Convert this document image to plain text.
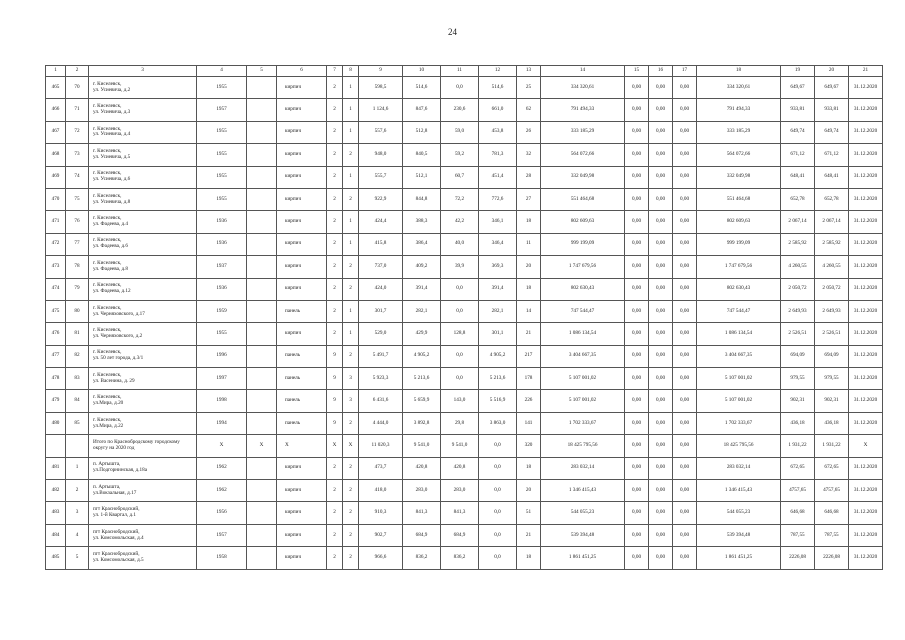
24
1	2	3	4	5	6	7	8	9	10	11	12	13	14	15	16	17	18	19	20	21
465	70	г. Киселевск,
ул. Усиевича, д.2	1955		кирпич	2	1	598,5	514,6	0,0	514,6	25	334 320,61	0,00	0,00	0,00	334 320,61	649,67	649,67	31.12.2020
466	71	г. Киселевск,
ул. Усиевича, д.3	1957		кирпич	2	1	1 124,6	847,6	230,6	661,0	62	791 494,33	0,00	0,00	0,00	791 494,33	933,81	933,81	31.12.2020
467	72	г. Киселевск,
ул. Усиевича, д.4	1955		кирпич	2	1	557,6	512,8	59,0	453,8	26	333 185,29	0,00	0,00	0,00	333 185,29	649,74	649,74	31.12.2020
468	73	г. Киселевск,
ул. Усиевича, д.5	1955		кирпич	2	2	948,0	840,5	59,2	781,3	32	564 072,66	0,00	0,00	0,00	564 072,66	671,12	671,12	31.12.2020
469	74	г. Киселевск,
ул. Усиевича, д.6	1955		кирпич	2	1	555,7	512,1	60,7	451,4	28	332 049,98	0,00	0,00	0,00	332 049,98	648,41	648,41	31.12.2020
470	75	г. Киселевск,
ул. Усиевича, д.8	1955		кирпич	2	2	922,9	844,8	72,2	772,6	27	551 464,68	0,00	0,00	0,00	551 464,68	652,78	652,78	31.12.2020
471	76	г. Киселевск,
ул. Фадеева, д.4	1936		кирпич	2	1	424,4	388,3	42,2	346,1	18	802 609,63	0,00	0,00	0,00	802 609,63	2 067,14	2 067,14	31.12.2020
472	77	г. Киселевск,
ул. Фадеева, д.6	1936		кирпич	2	1	415,8	386,4	40,0	346,4	11	999 199,09	0,00	0,00	0,00	999 199,09	2 585,92	2 585,92	31.12.2020
473	78	г. Киселевск,
ул. Фадеева, д.8	1937		кирпич	2	2	737,0	409,2	39,9	369,3	20	1 747 679,56	0,00	0,00	0,00	1 747 679,56	4 260,55	4 260,55	31.12.2020
474	79	г. Киселевск,
ул. Фадеева, д.12	1936		кирпич	2	2	424,0	391,4	0,0	391,4	18	802 630,43	0,00	0,00	0,00	802 630,43	2 050,72	2 050,72	31.12.2020
475	80	г. Киселевск,
ул. Черняховского, д.17	1959		панель	2	1	301,7	282,1	0,0	282,1	14	747 544,47	0,00	0,00	0,00	747 544,47	2 649,93	2 649,93	31.12.2020
476	81	г. Киселевск,
ул. Черняховского, д.2	1955		кирпич	2	1	529,0	429,9	128,8	301,1	21	1 086 134,54	0,00	0,00	0,00	1 086 134,54	2 526,51	2 526,51	31.12.2020
477	82	г. Киселевск,
ул. 50 лет города, д.3/1	1996		панель	9	2	5 491,7	4 905,2	0,0	4 905,2	217	3 404 667,35	0,00	0,00	0,00	3 404 667,35	694,09	694,09	31.12.2020
478	83	г. Киселевск,
ул. Васенина, д. 29	1997		панель	9	3	5 923,3	5 213,6	0,0	5 213,6	178	5 107 001,02	0,00	0,00	0,00	5 107 001,02	979,55	979,55	31.12.2020
479	84	г. Киселевск,
ул.Мира, д.20	1998		панель	9	3	6 431,6	5 659,9	143,0	5 516,9	226	5 107 001,02	0,00	0,00	0,00	5 107 001,02	902,31	902,31	31.12.2020
480	85	г. Киселевск,
ул.Мира, д.22	1994		панель	9	2	4 444,0	3 892,8	29,8	3 863,0	141	1 702 333,67	0,00	0,00	0,00	1 702 333,67	436,18	436,18	31.12.2020
		Итого по Краснобродскому городскому
округу на 2020 год	X	X	X	X	X	11 020,3	9 541,0	9 541,0	0,0	320	18 425 795,56	0,00	0,00	0,00	18 425 795,56	1 931,22	1 931,22	X
481	1	п. Артышта,
ул.Подгорнинская, д.18а	1962		кирпич	2	2	473,7	420,8	420,8	0,0	18	283 032,14	0,00	0,00	0,00	283 032,14	672,65	672,65	31.12.2020
482	2	п. Артышта,
ул.Вокзальная, д.17	1962		кирпич	2	2	418,0	283,0	283,0	0,0	20	1 346 415,43	0,00	0,00	0,00	1 346 415,43	4757,65	4757,65	31.12.2020
483	3	пгт Краснобродский,
ул. 1-й Квартал, д.1	1956		кирпич	2	2	910,3	841,3	841,3	0,0	51	544 055,23	0,00	0,00	0,00	544 055,23	646,68	646,68	31.12.2020
484	4	пгт Краснобродский,
ул. Комсомольская, д.4	1957		кирпич	2	2	902,7	684,9	684,9	0,0	21	539 394,48	0,00	0,00	0,00	539 394,48	787,55	787,55	31.12.2020
485	5	пгт Краснобродский,
ул. Комсомольская, д.5	1958		кирпич	2	2	966,6	836,2	836,2	0,0	18	1 861 451,25	0,00	0,00	0,00	1 861 451,25	2226,08	2226,08	31.12.2020
